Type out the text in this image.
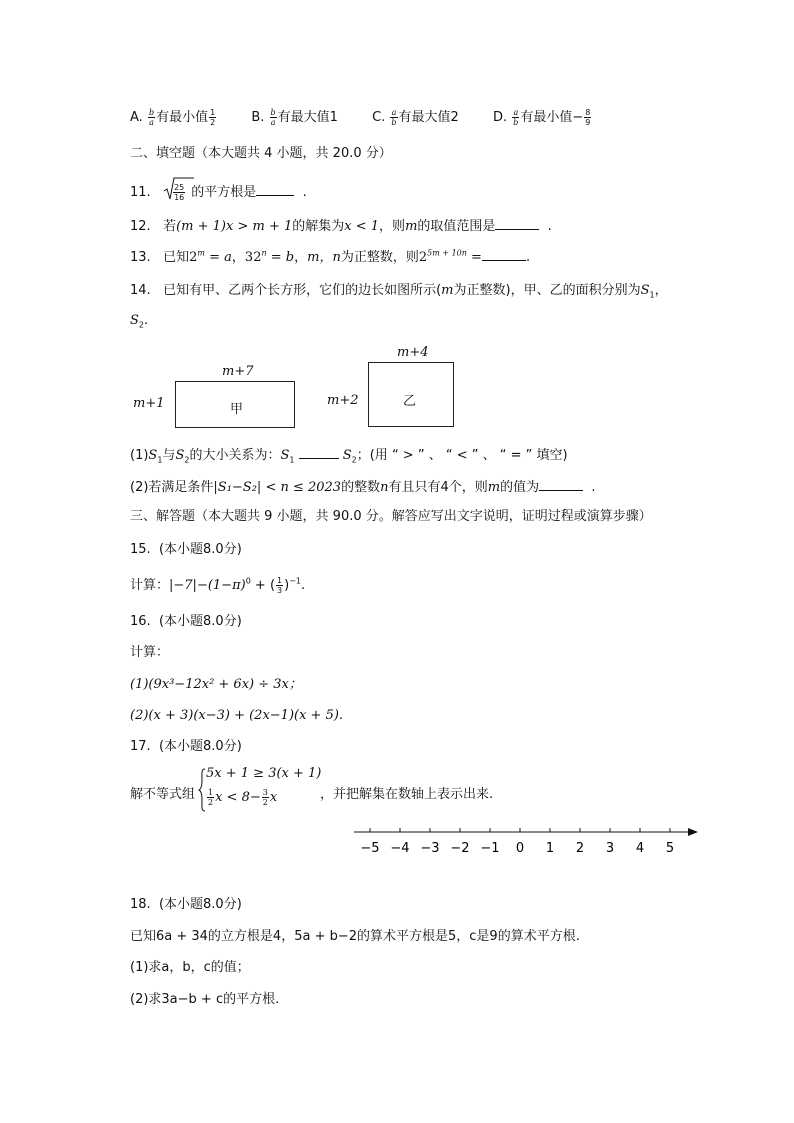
A. $\frac{b}{a}$ 有最小值 $\frac{1}{2}$	B. $\frac{b}{a}$ 有最大值1	C. $\frac{a}{b}$ 有最大值2	D. $\frac{a}{b}$ 有最小值− $\frac{8}{9}$
二、填空题（本大题共 4 小题，共 20.0 分）
11.	$\frac{25}{16}$ 的平方根是	.
12. 若(m + 1)x > m + 1的解集为x < 1，则m的取值范围是	.
13. 已知$2^m = a$，$32^n = b$，m，n为正整数，则$2^{5m + 10n}$ =	.
14. 已知有甲、乙两个长方形，它们的边长如图所示(m为正整数)，甲、乙的面积分别为$S_1$，
$S_2$.
m+7
m+1	甲
m+4
m+2	乙
$(1)S_1$与$S_2$的大小关系为：$S_1$	$S_2$；(用 “ > ” 、 “ < ” 、 “ = ” 填空)
(2)若满足条件|S₁−S₂| < n ≤ 2023的整数n有且只有4个，则m的值为	.
三、解答题（本大题共 9 小题，共 90.0 分。解答应写出文字说明，证明过程或演算步骤）
15. (本小题8.0分)
计算：$|-7|-(1-\pi)^0$ + ( $\frac{1}{3} )^{-1}$.
16. (本小题8.0分)
计算：
(1)(9x³−12x² + 6x) ÷ 3x；
(2)(x + 3)(x−3) + (2x−1)(x + 5).
17. (本小题8.0分)
解不等式组
5x + 1 ≥ 3(x + 1)
$\frac{1}{2}$ $x < 8- \frac{3}{2}$ x	，并把解集在数轴上表示出来.
−5 −4 −3 −2 −1 0 1 2 3 4 5
18. (本小题8.0分)
已知6a + 34的立方根是4，5a + b−2的算术平方根是5，c是9的算术平方根.
(1)求a，b，c的值；
(2)求3a−b + c的平方根.
